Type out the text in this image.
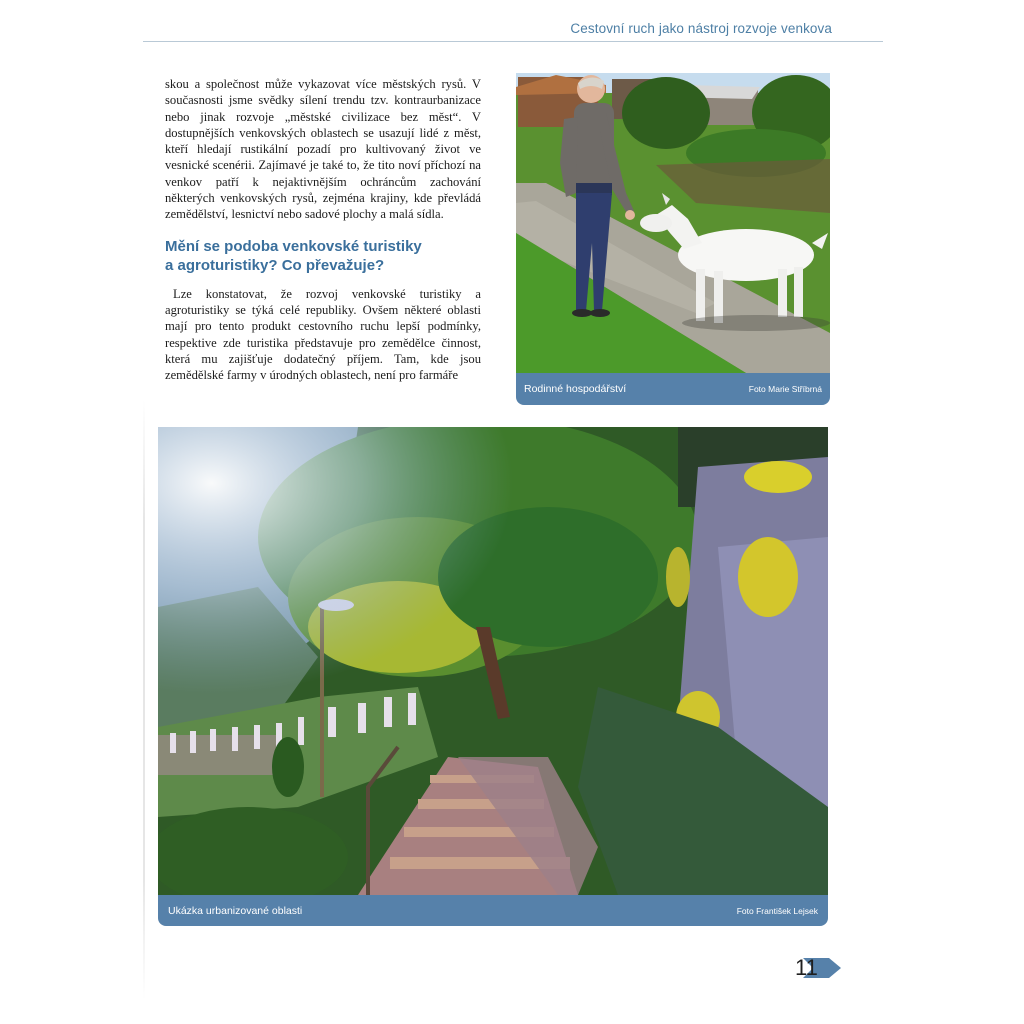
Cestovní ruch jako nástroj rozvoje venkova

skou a společnost může vykazovat více městských rysů. V současnosti jsme svědky sílení trendu tzv. kontraurbanizace nebo jinak rozvoje „městské civilizace bez měst“. V dostupnějších venkovských oblastech se usazují lidé z měst, kteří hledají rustikální pozadí pro kultivovaný život ve vesnické scenérii. Zajímavé je také to, že tito noví příchozí na venkov patří k nejaktivnějším ochráncům zachování některých venkovských rysů, zejména krajiny, kde převládá zemědělství, lesnictví nebo sadové plochy a malá sídla.

Mění se podoba venkovské turistiky
a agroturistiky? Co převažuje?

Lze konstatovat, že rozvoj venkovské turistiky a agroturistiky se týká celé republiky. Ovšem některé oblasti mají pro tento produkt cestovního ruchu lepší podmínky, respektive zde turistika představuje pro zemědělce činnost, která mu zajišťuje dodatečný příjem. Tam, kde jsou zemědělské farmy v úrodných oblastech, není pro farmáře

Rodinné hospodářství	Foto Marie Stříbrná
Ukázka urbanizované oblasti	Foto František Lejsek
11
